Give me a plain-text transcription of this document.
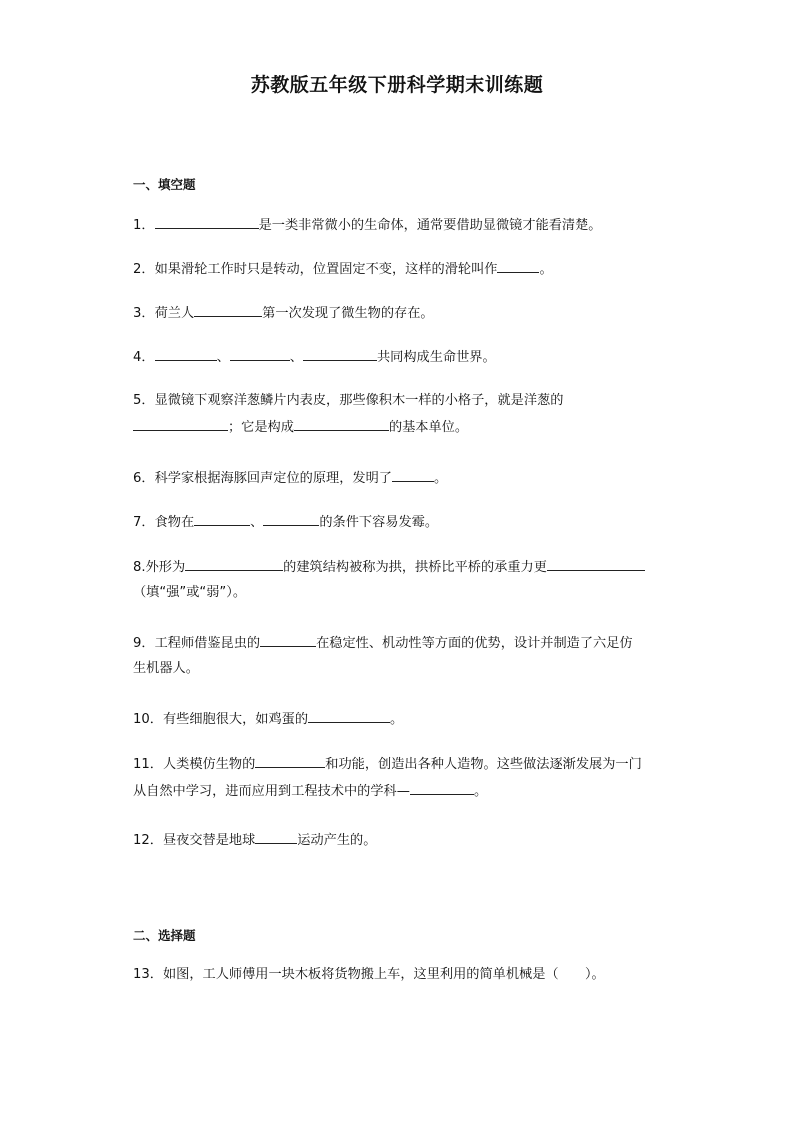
苏教版五年级下册科学期末训练题
一、填空题
1．	是一类非常微小的生命体，通常要借助显微镜才能看清楚。
2．如果滑轮工作时只是转动，位置固定不变，这样的滑轮叫作	。
3．荷兰人	第一次发现了微生物的存在。
4．	、	、	共同构成生命世界。
5．显微镜下观察洋葱鳞片内表皮，那些像积木一样的小格子，就是洋葱的
；它是构成	的基本单位。
6．科学家根据海豚回声定位的原理，发明了	。
7．食物在	、	的条件下容易发霉。
8.外形为	的建筑结构被称为拱，拱桥比平桥的承重力更
（填“强”或“弱”）。
9．工程师借鉴昆虫的	在稳定性、机动性等方面的优势，设计并制造了六足仿
生机器人。
10．有些细胞很大，如鸡蛋的	。
11．人类模仿生物的	和功能，创造出各种人造物。这些做法逐渐发展为一门
从自然中学习，进而应用到工程技术中的学科—	。
12．昼夜交替是地球	运动产生的。
二、选择题
13．如图，工人师傅用一块木板将货物搬上车，这里利用的简单机械是（　　）。
